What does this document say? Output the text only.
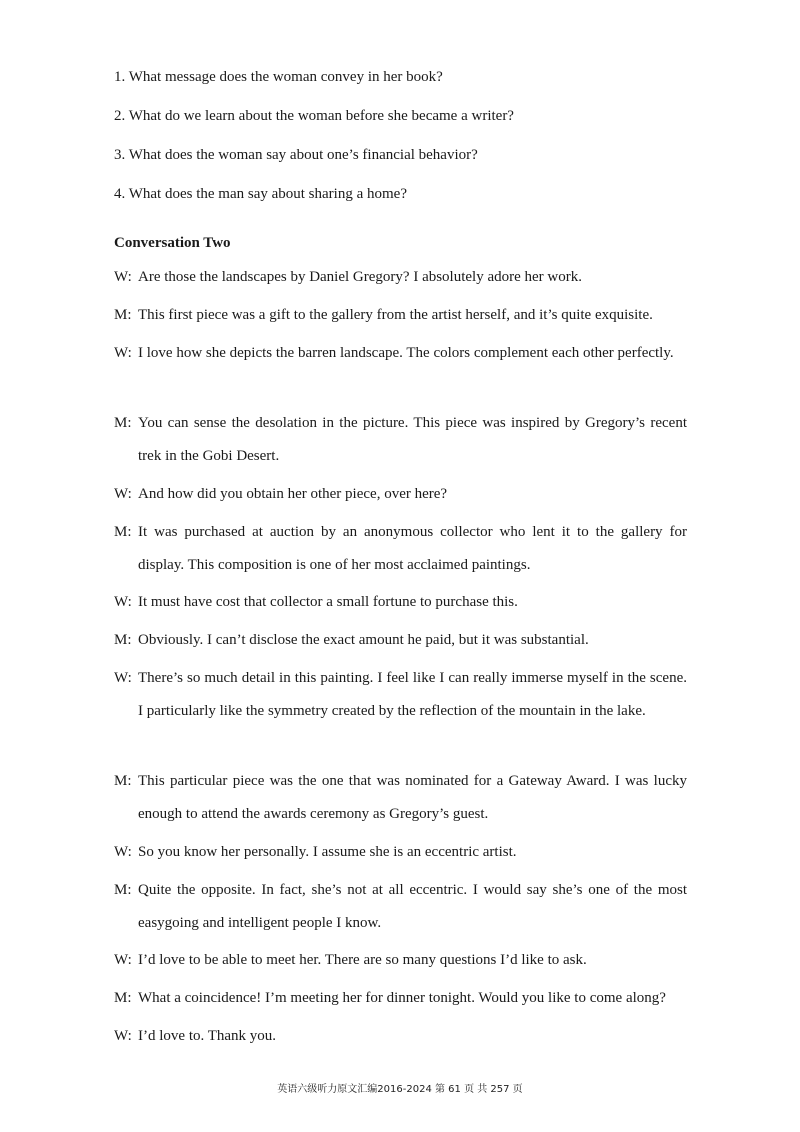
1. What message does the woman convey in her book?
2. What do we learn about the woman before she became a writer?
3. What does the woman say about one’s financial behavior?
4. What does the man say about sharing a home?
Conversation Two
W: Are those the landscapes by Daniel Gregory? I absolutely adore her work.
M: This first piece was a gift to the gallery from the artist herself, and it’s quite exquisite.
W: I love how she depicts the barren landscape. The colors complement each other perfectly.
M: You can sense the desolation in the picture. This piece was inspired by Gregory’s recent trek in the Gobi Desert.
W: And how did you obtain her other piece, over here?
M: It was purchased at auction by an anonymous collector who lent it to the gallery for display. This composition is one of her most acclaimed paintings.
W: It must have cost that collector a small fortune to purchase this.
M: Obviously. I can’t disclose the exact amount he paid, but it was substantial.
W: There’s so much detail in this painting. I feel like I can really immerse myself in the scene. I particularly like the symmetry created by the reflection of the mountain in the lake.
M: This particular piece was the one that was nominated for a Gateway Award. I was lucky enough to attend the awards ceremony as Gregory’s guest.
W: So you know her personally. I assume she is an eccentric artist.
M: Quite the opposite. In fact, she’s not at all eccentric. I would say she’s one of the most easygoing and intelligent people I know.
W: I’d love to be able to meet her. There are so many questions I’d like to ask.
M: What a coincidence! I’m meeting her for dinner tonight. Would you like to come along?
W: I’d love to. Thank you.
英语六级听力原文汇编2016-2024 第 61 页 共 257 页
